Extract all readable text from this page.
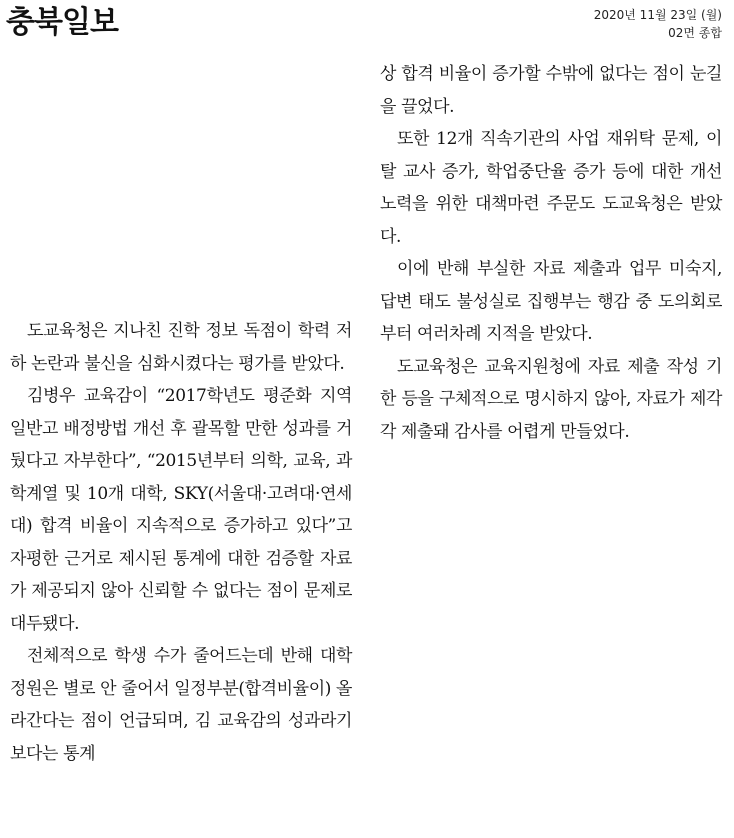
충북일보	2020년 11월 23일 (월)
02면 종합

도교육청은 지나친 진학 정보 독점이 학력 저하 논란과 불신을 심화시켰다는 평가를 받았다.

김병우 교육감이 “2017학년도 평준화 지역 일반고 배정방법 개선 후 괄목할 만한 성과를 거뒀다고 자부한다”, “2015년부터 의학, 교육, 과학계열 및 10개 대학, SKY(서울대·고려대·연세대) 합격 비율이 지속적으로 증가하고 있다”고 자평한 근거로 제시된 통계에 대한 검증할 자료가 제공되지 않아 신뢰할 수 없다는 점이 문제로 대두됐다.

전체적으로 학생 수가 줄어드는데 반해 대학 정원은 별로 안 줄어서 일정부분(합격비율이) 올라간다는 점이 언급되며, 김 교육감의 성과라기보다는 통계

상 합격 비율이 증가할 수밖에 없다는 점이 눈길을 끌었다.

또한 12개 직속기관의 사업 재위탁 문제, 이탈 교사 증가, 학업중단율 증가 등에 대한 개선 노력을 위한 대책마련 주문도 도교육청은 받았다.

이에 반해 부실한 자료 제출과 업무 미숙지, 답변 태도 불성실로 집행부는 행감 중 도의회로부터 여러차례 지적을 받았다.

도교육청은 교육지원청에 자료 제출 작성 기한 등을 구체적으로 명시하지 않아, 자료가 제각각 제출돼 감사를 어렵게 만들었다.
